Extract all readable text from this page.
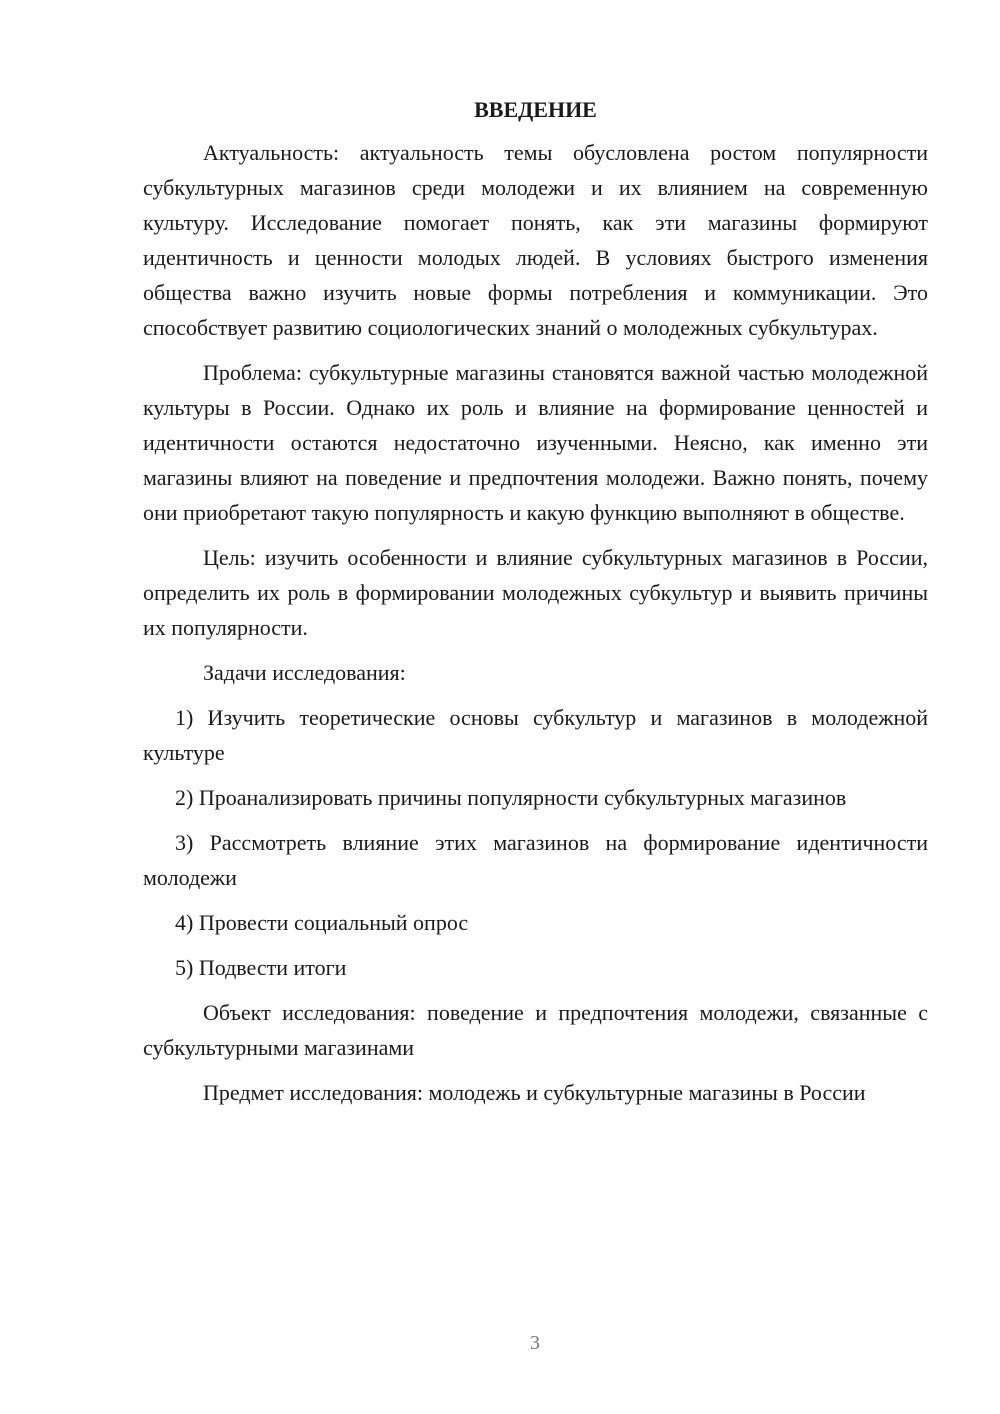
ВВЕДЕНИЕ

Актуальность: актуальность темы обусловлена ростом популярности субкультурных магазинов среди молодежи и их влиянием на современную культуру. Исследование помогает понять, как эти магазины формируют идентичность и ценности молодых людей. В условиях быстрого изменения общества важно изучить новые формы потребления и коммуникации. Это способствует развитию социологических знаний о молодежных субкультурах.

Проблема: субкультурные магазины становятся важной частью молодежной культуры в России. Однако их роль и влияние на формирование ценностей и идентичности остаются недостаточно изученными. Неясно, как именно эти магазины влияют на поведение и предпочтения молодежи. Важно понять, почему они приобретают такую популярность и какую функцию выполняют в обществе.

Цель: изучить особенности и влияние субкультурных магазинов в России, определить их роль в формировании молодежных субкультур и выявить причины их популярности.

Задачи исследования:

1) Изучить теоретические основы субкультур и магазинов в молодежной культуре

2) Проанализировать причины популярности субкультурных магазинов

3) Рассмотреть влияние этих магазинов на формирование идентичности молодежи

4) Провести социальный опрос

5) Подвести итоги

Объект исследования: поведение и предпочтения молодежи, связанные с субкультурными магазинами

Предмет исследования: молодежь и субкультурные магазины в России

3
